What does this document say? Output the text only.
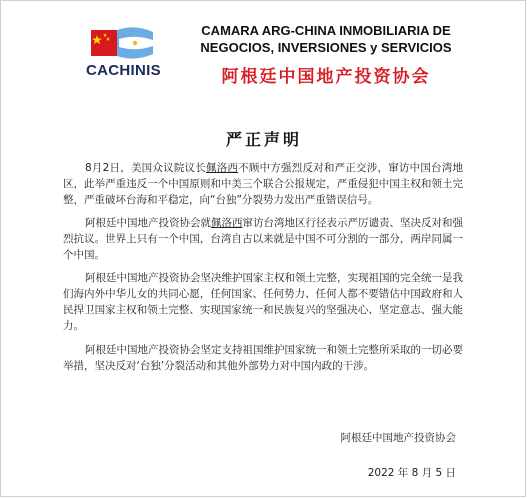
CACHINIS
CAMARA ARG-CHINA INMOBILIARIA DE
NEGOCIOS, INVERSIONES y SERVICIOS
阿根廷中国地产投资协会
严正声明

8月2日，美国众议院议长佩洛西不顾中方强烈反对和严正交涉，窜访中国台湾地区，此举严重违反一个中国原则和中美三个联合公报规定，严重侵犯中国主权和领土完整，严重破坏台海和平稳定，向“台独”分裂势力发出严重错误信号。

阿根廷中国地产投资协会就佩洛西窜访台湾地区行径表示严厉谴责、坚决反对和强烈抗议。世界上只有一个中国，台湾自古以来就是中国不可分割的一部分，两岸同属一个中国。

阿根廷中国地产投资协会坚决维护国家主权和领土完整，实现祖国的完全统一是我们海内外中华儿女的共同心愿，任何国家、任何势力、任何人都不要错估中国政府和人民捍卫国家主权和领土完整、实现国家统一和民族复兴的坚强决心、坚定意志、强大能力。

阿根廷中国地产投资协会坚定支持祖国维护国家统一和领土完整所采取的一切必要举措，坚决反对‘台独’分裂活动和其他外部势力对中国内政的干涉。

阿根廷中国地产投资协会
2022 年 8 月 5 日
